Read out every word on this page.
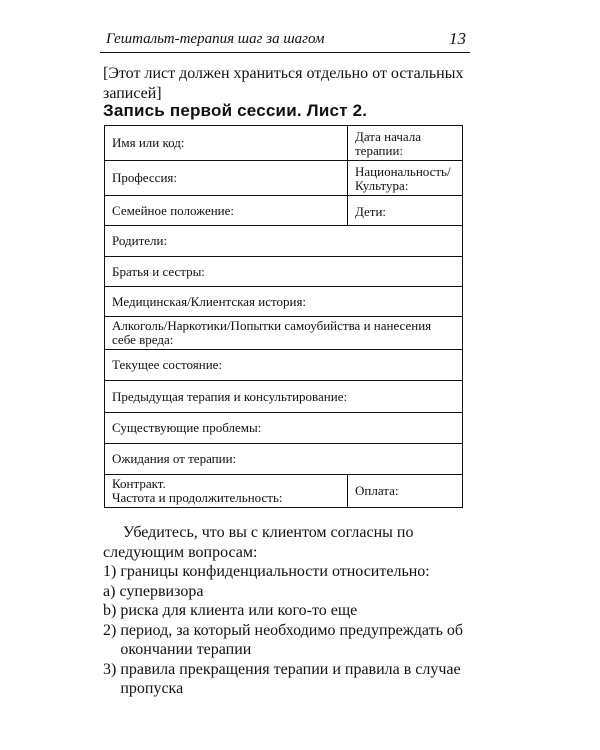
Гештальт-терапия шаг за шагом	13
[Этот лист должен храниться отдельно от остальных записей]
Запись первой сессии. Лист 2.
Имя или код:	Дата начала терапии:
Профессия:	Национальность/ Культура:
Семейное положение:	Дети:
Родители:	
Братья и сестры:	
Медицинская/Клиентская история:	
Алкоголь/Наркотики/Попытки самоубийства и нанесения себе вреда:	
Текущее состояние:	
Предыдущая терапия и консультирование:	
Существующие проблемы:	
Ожидания от терапии:	

Контракт.
Частота и продолжительность:	Оплата:

Убедитесь, что вы с клиентом согласны по следующим вопросам:

1) границы конфиденциальности относительно:
a) супервизора
b) риска для клиента или кого-то еще
2) период, за который необходимо предупреждать об окончании терапии
3) правила прекращения терапии и правила в случае пропуска
